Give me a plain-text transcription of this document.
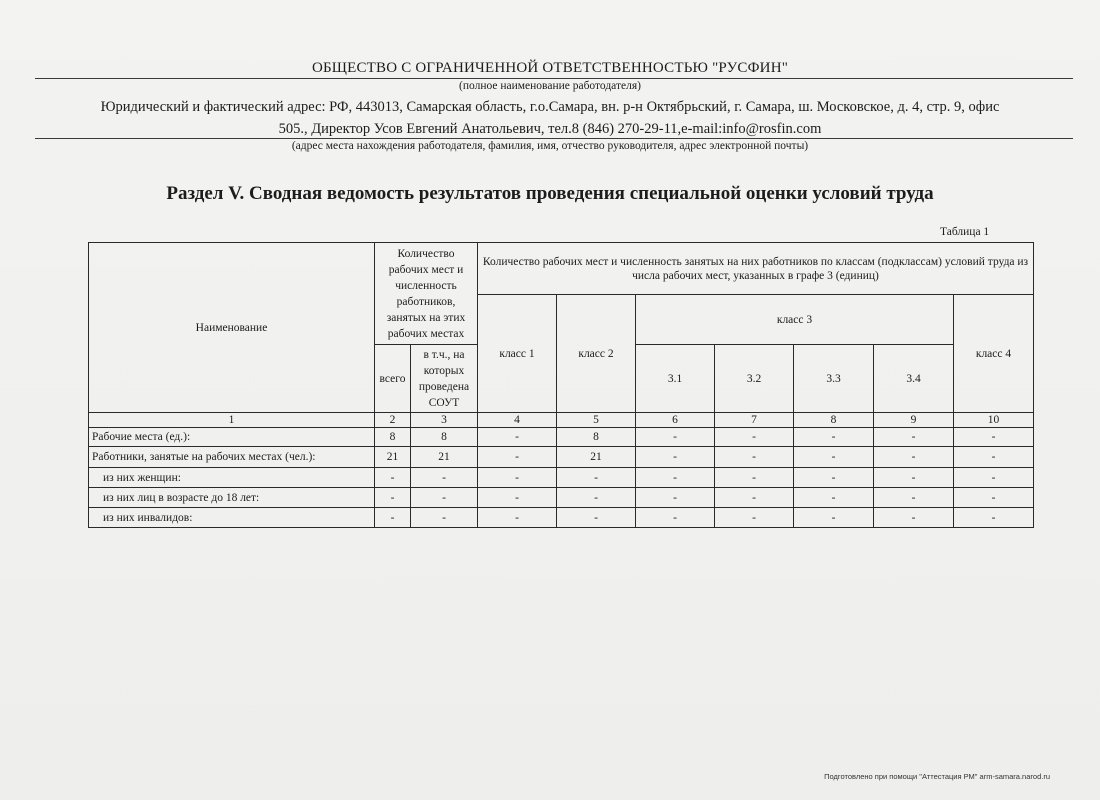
ОБЩЕСТВО С ОГРАНИЧЕННОЙ ОТВЕТСТВЕННОСТЬЮ "РУСФИН"
(полное наименование работодателя)
Юридический и фактический адрес: РФ, 443013, Самарская область, г.о.Самара, вн. р-н Октябрьский, г. Самара, ш. Московское, д. 4, стр. 9, офис
505., Директор Усов Евгений Анатольевич, тел.8 (846) 270-29-11,e-mail:info@rosfin.com
(адрес места нахождения работодателя, фамилия, имя, отчество руководителя, адрес электронной почты)
Раздел V. Сводная ведомость результатов проведения специальной оценки условий труда
Таблица 1
Наименование	Количество рабочих мест и численность работников, занятых на этих рабочих местах		Количество рабочих мест и численность занятых на них работников по классам (подклассам) условий труда из числа рабочих мест, указанных в графе 3 (единиц)						
			класс 1	класс 2	класс 3				класс 4
	всего	в т.ч., на которых проведена СОУТ			3.1	3.2	3.3	3.4	
1	2	3	4	5	6	7	8	9	10
Рабочие места (ед.):	8	8	-	8	-	-	-	-	-
Работники, занятые на рабочих местах (чел.):	21	21	-	21	-	-	-	-	-
из них женщин:	-	-	-	-	-	-	-	-	-
из них лиц в возрасте до 18 лет:	-	-	-	-	-	-	-	-	-
из них инвалидов:	-	-	-	-	-	-	-	-	-
Подготовлено при помощи "Аттестация РМ" arm-samara.narod.ru
